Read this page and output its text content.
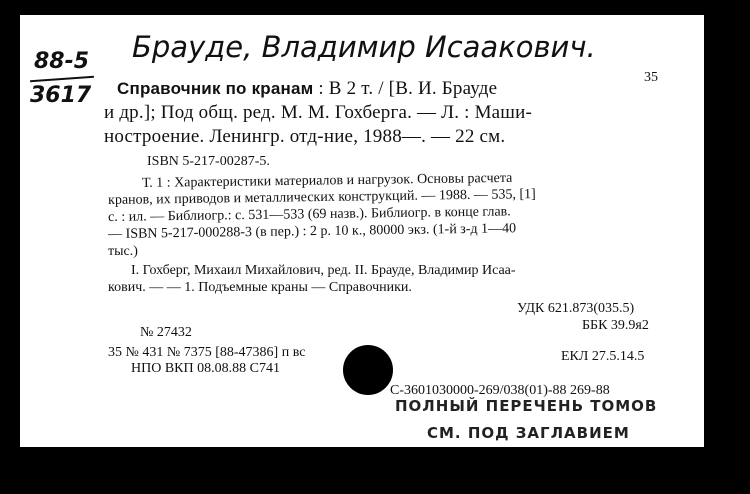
88-5
3617
35
Брауде, Владимир Исаакович.
Справочник по кранам : В 2 т. / [В. И. Брауде
и др.]; Под общ. ред. М. М. Гохберга. — Л. : Маши-
ностроение. Ленингр. отд-ние, 1988—. — 22 см.
ISBN 5-217-00287-5.
Т. 1 : Характеристики материалов и нагрузок. Основы расчета
кранов, их приводов и металлических конструкций. — 1988. — 535, [1]
с. : ил. — Библиогр.: с. 531—533 (69 назв.). Библиогр. в конце глав.
— ISBN 5-217-000288-3 (в пер.) : 2 р. 10 к., 80000 экз. (1-й з-д 1—40
тыс.)
I. Гохберг, Михаил Михайлович, ред. II. Брауде, Владимир Исаа-
кович. — — 1. Подъемные краны — Справочники.
УДК 621.873(035.5)
ББК 39.9я2
№ 27432
35 № 431 № 7375 [88-47386] п вс	ЕКЛ 27.5.14.5
НПО ВКП 08.08.88 С741
С-3601030000-269/038(01)-88 269-88
ПОЛНЫЙ ПЕРЕЧЕНЬ ТОМОВ
СМ. ПОД ЗАГЛАВИЕМ
